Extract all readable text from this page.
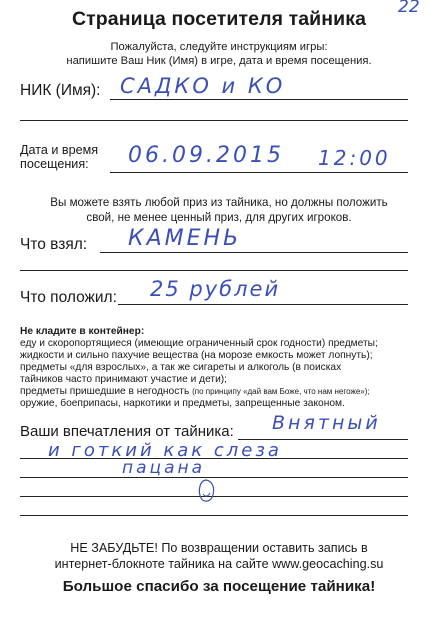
22
Страница посетителя тайника
Пожалуйста, следуйте инструкциям игры:
напишите Ваш Ник (Имя) в игре, дата и время посещения.
НИК (Имя): САДКО и КО
Дата и время
посещения: 06.09.2015 12:00
Вы можете взять любой приз из тайника, но должны положить
свой, не менее ценный приз, для других игроков.
Что взял: КАМЕНЬ
Что положил: 25 рублей
Не кладите в контейнер:
еду и скоропортящиеся (имеющие ограниченный срок годности) предметы;
жидкости и сильно пахучие вещества (на морозе емкость может лопнуть);
предметы «для взрослых», а так же сигареты и алкоголь (в поисках
тайников часто принимают участие и дети);
предметы пришедшие в негодность (по принципу «дай вам Боже, что нам негоже»);
оружие, боеприпасы, наркотики и предметы, запрещенные законом.
Ваши впечатления от тайника: Внятный
и готкий как слеза
пацана
НЕ ЗАБУДЬТЕ! По возвращении оставить запись в
интернет-блокноте тайника на сайте www.geocaching.su
Большое спасибо за посещение тайника!
